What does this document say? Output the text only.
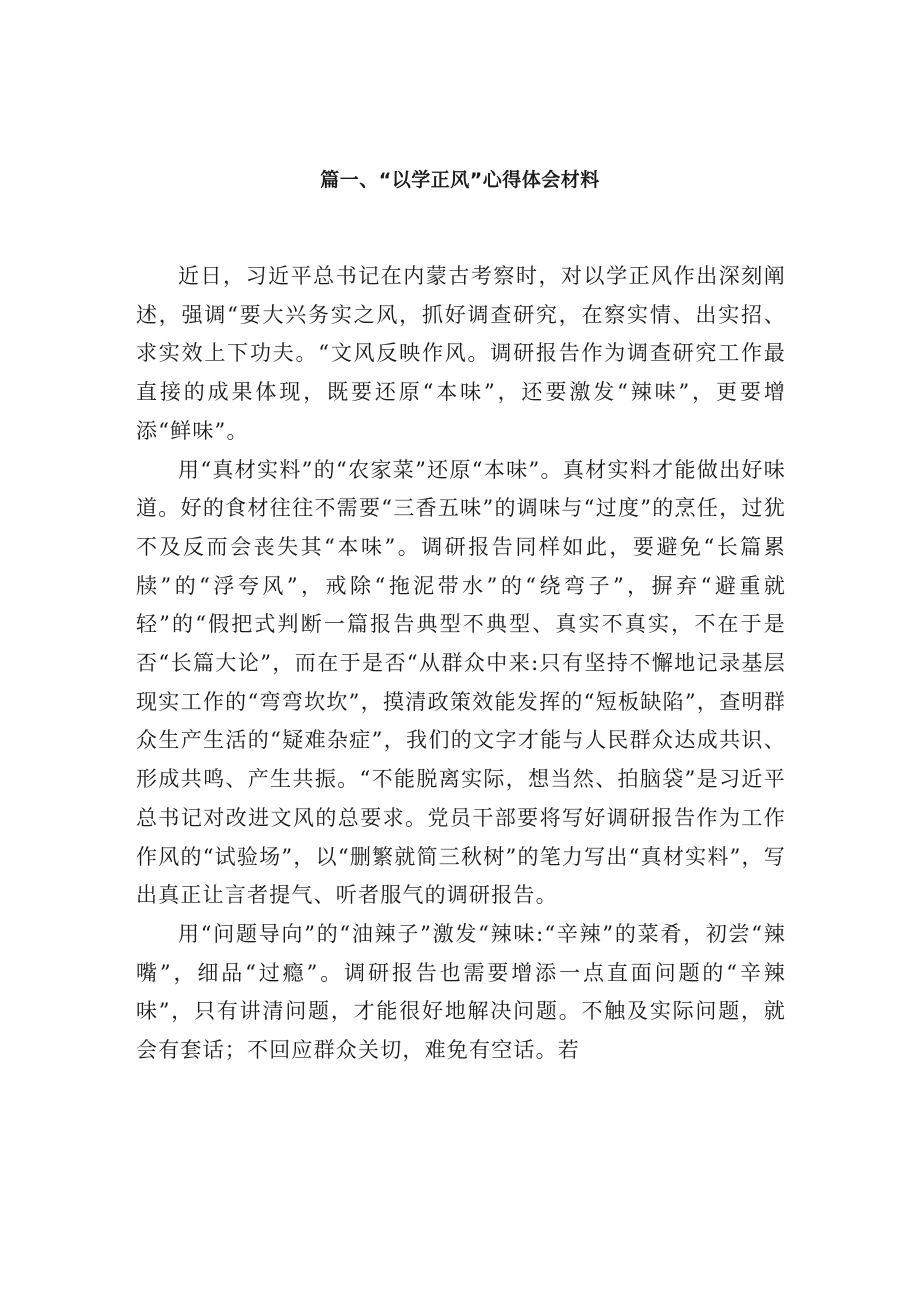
篇一、“以学正风”心得体会材料

近日，习近平总书记在内蒙古考察时，对以学正风作出深刻阐述，强调“要大兴务实之风，抓好调查研究，在察实情、出实招、求实效上下功夫。“文风反映作风。调研报告作为调查研究工作最直接的成果体现，既要还原“本味”，还要激发“辣味”，更要增添“鲜味”。

用“真材实料”的“农家菜”还原“本味”。真材实料才能做出好味道。好的食材往往不需要“三香五味”的调味与“过度”的烹任，过犹不及反而会丧失其“本味”。调研报告同样如此，要避免“长篇累牍”的“浮夸风”，戒除“拖泥带水”的“绕弯子”，摒弃“避重就轻”的“假把式判断一篇报告典型不典型、真实不真实，不在于是否“长篇大论”，而在于是否“从群众中来:只有坚持不懈地记录基层现实工作的“弯弯坎坎”，摸清政策效能发挥的“短板缺陷”，查明群众生产生活的“疑难杂症”，我们的文字才能与人民群众达成共识、形成共鸣、产生共振。“不能脱离实际，想当然、拍脑袋”是习近平总书记对改进文风的总要求。党员干部要将写好调研报告作为工作作风的“试验场”，以“删繁就简三秋树”的笔力写出“真材实料”，写出真正让言者提气、听者服气的调研报告。

用“问题导向”的“油辣子”激发“辣味:“辛辣”的菜肴，初尝“辣嘴”，细品“过瘾”。调研报告也需要增添一点直面问题的“辛辣味”，只有讲清问题，才能很好地解决问题。不触及实际问题，就会有套话；不回应群众关切，难免有空话。若
